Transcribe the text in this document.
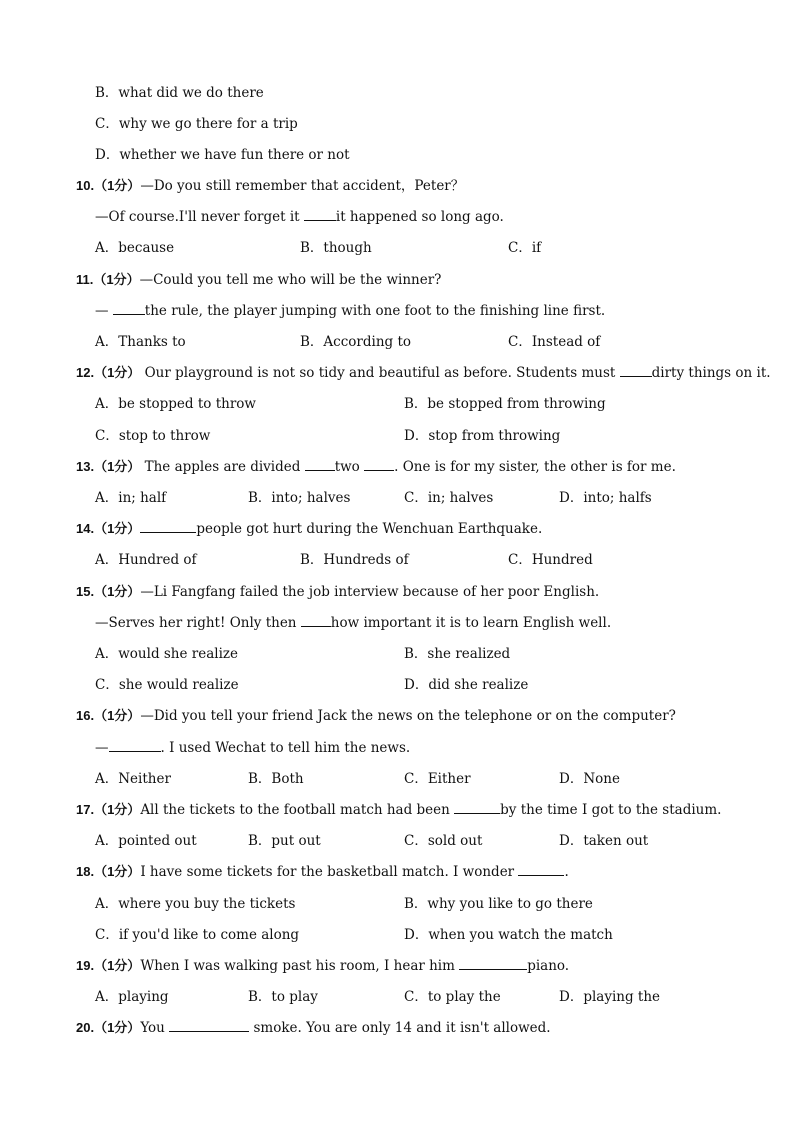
B．what did we do there
C．why we go there for a trip
D．whether we have fun there or not
10.（1分）—Do you still remember that accident，Peter？
—Of course.I'll never forget it it happened so long ago.
A．because	B．though	C．if
11.（1分）—Could you tell me who will be the winner?
— the rule, the player jumping with one foot to the finishing line first.
A．Thanks to	B．According to	C．Instead of
12.（1分） Our playground is not so tidy and beautiful as before. Students must dirty things on it.
A．be stopped to throw	B．be stopped from throwing
C．stop to throw	D．stop from throwing
13.（1分） The apples are divided two . One is for my sister, the other is for me.
A．in; half	B．into; halves	C．in; halves	D．into; halfs
14.（1分）	people got hurt during the Wenchuan Earthquake.
A．Hundred of	B．Hundreds of	C．Hundred
15.（1分）—Li Fangfang failed the job interview because of her poor English.
—Serves her right! Only then how important it is to learn English well.
A．would she realize	B．she realized
C．she would realize	D．did she realize
16.（1分）—Did you tell your friend Jack the news on the telephone or on the computer?
—	. I used Wechat to tell him the news.
A．Neither	B．Both	C．Either	D．None
17.（1分）All the tickets to the football match had been	by the time I got to the stadium.
A．pointed out	B．put out	C．sold out	D．taken out
18.（1分）I have some tickets for the basketball match. I wonder	.
A．where you buy the tickets	B．why you like to go there
C．if you'd like to come along	D．when you watch the match
19.（1分）When I was walking past his room, I hear him	piano.
A．playing	B．to play	C．to play the	D．playing the
20.（1分）You	smoke. You are only 14 and it isn't allowed.
